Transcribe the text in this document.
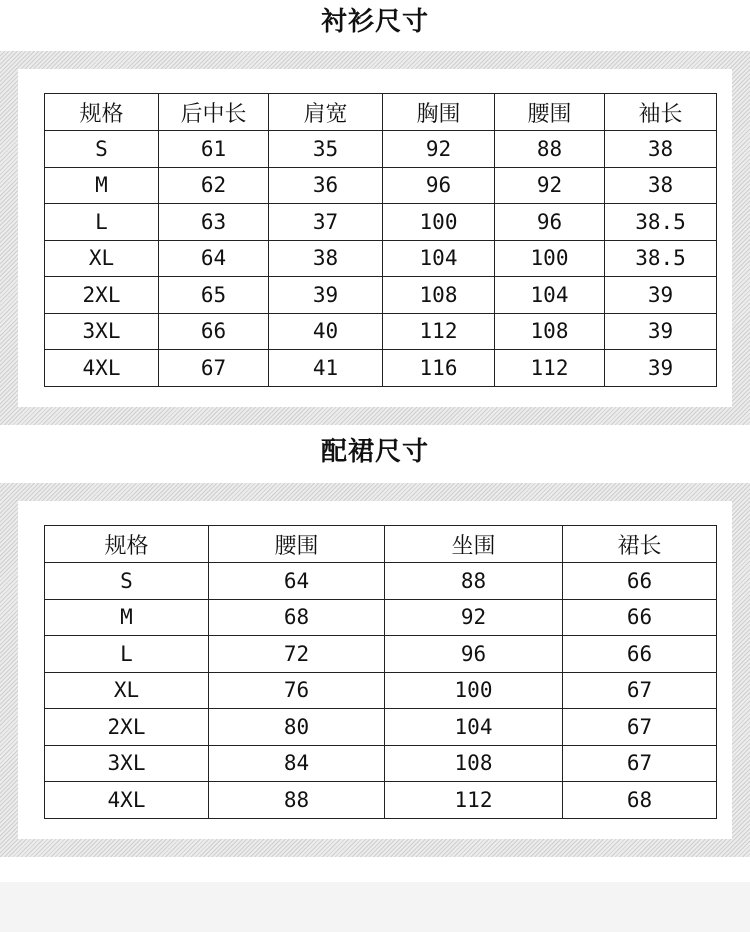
衬衫尺寸
规格	后中长	肩宽	胸围	腰围	袖长
S	61	35	92	88	38
M	62	36	96	92	38
L	63	37	100	96	38.5
XL	64	38	104	100	38.5
2XL	65	39	108	104	39
3XL	66	40	112	108	39
4XL	67	41	116	112	39
配裙尺寸
规格	腰围	坐围	裙长
S	64	88	66
M	68	92	66
L	72	96	66
XL	76	100	67
2XL	80	104	67
3XL	84	108	67
4XL	88	112	68
